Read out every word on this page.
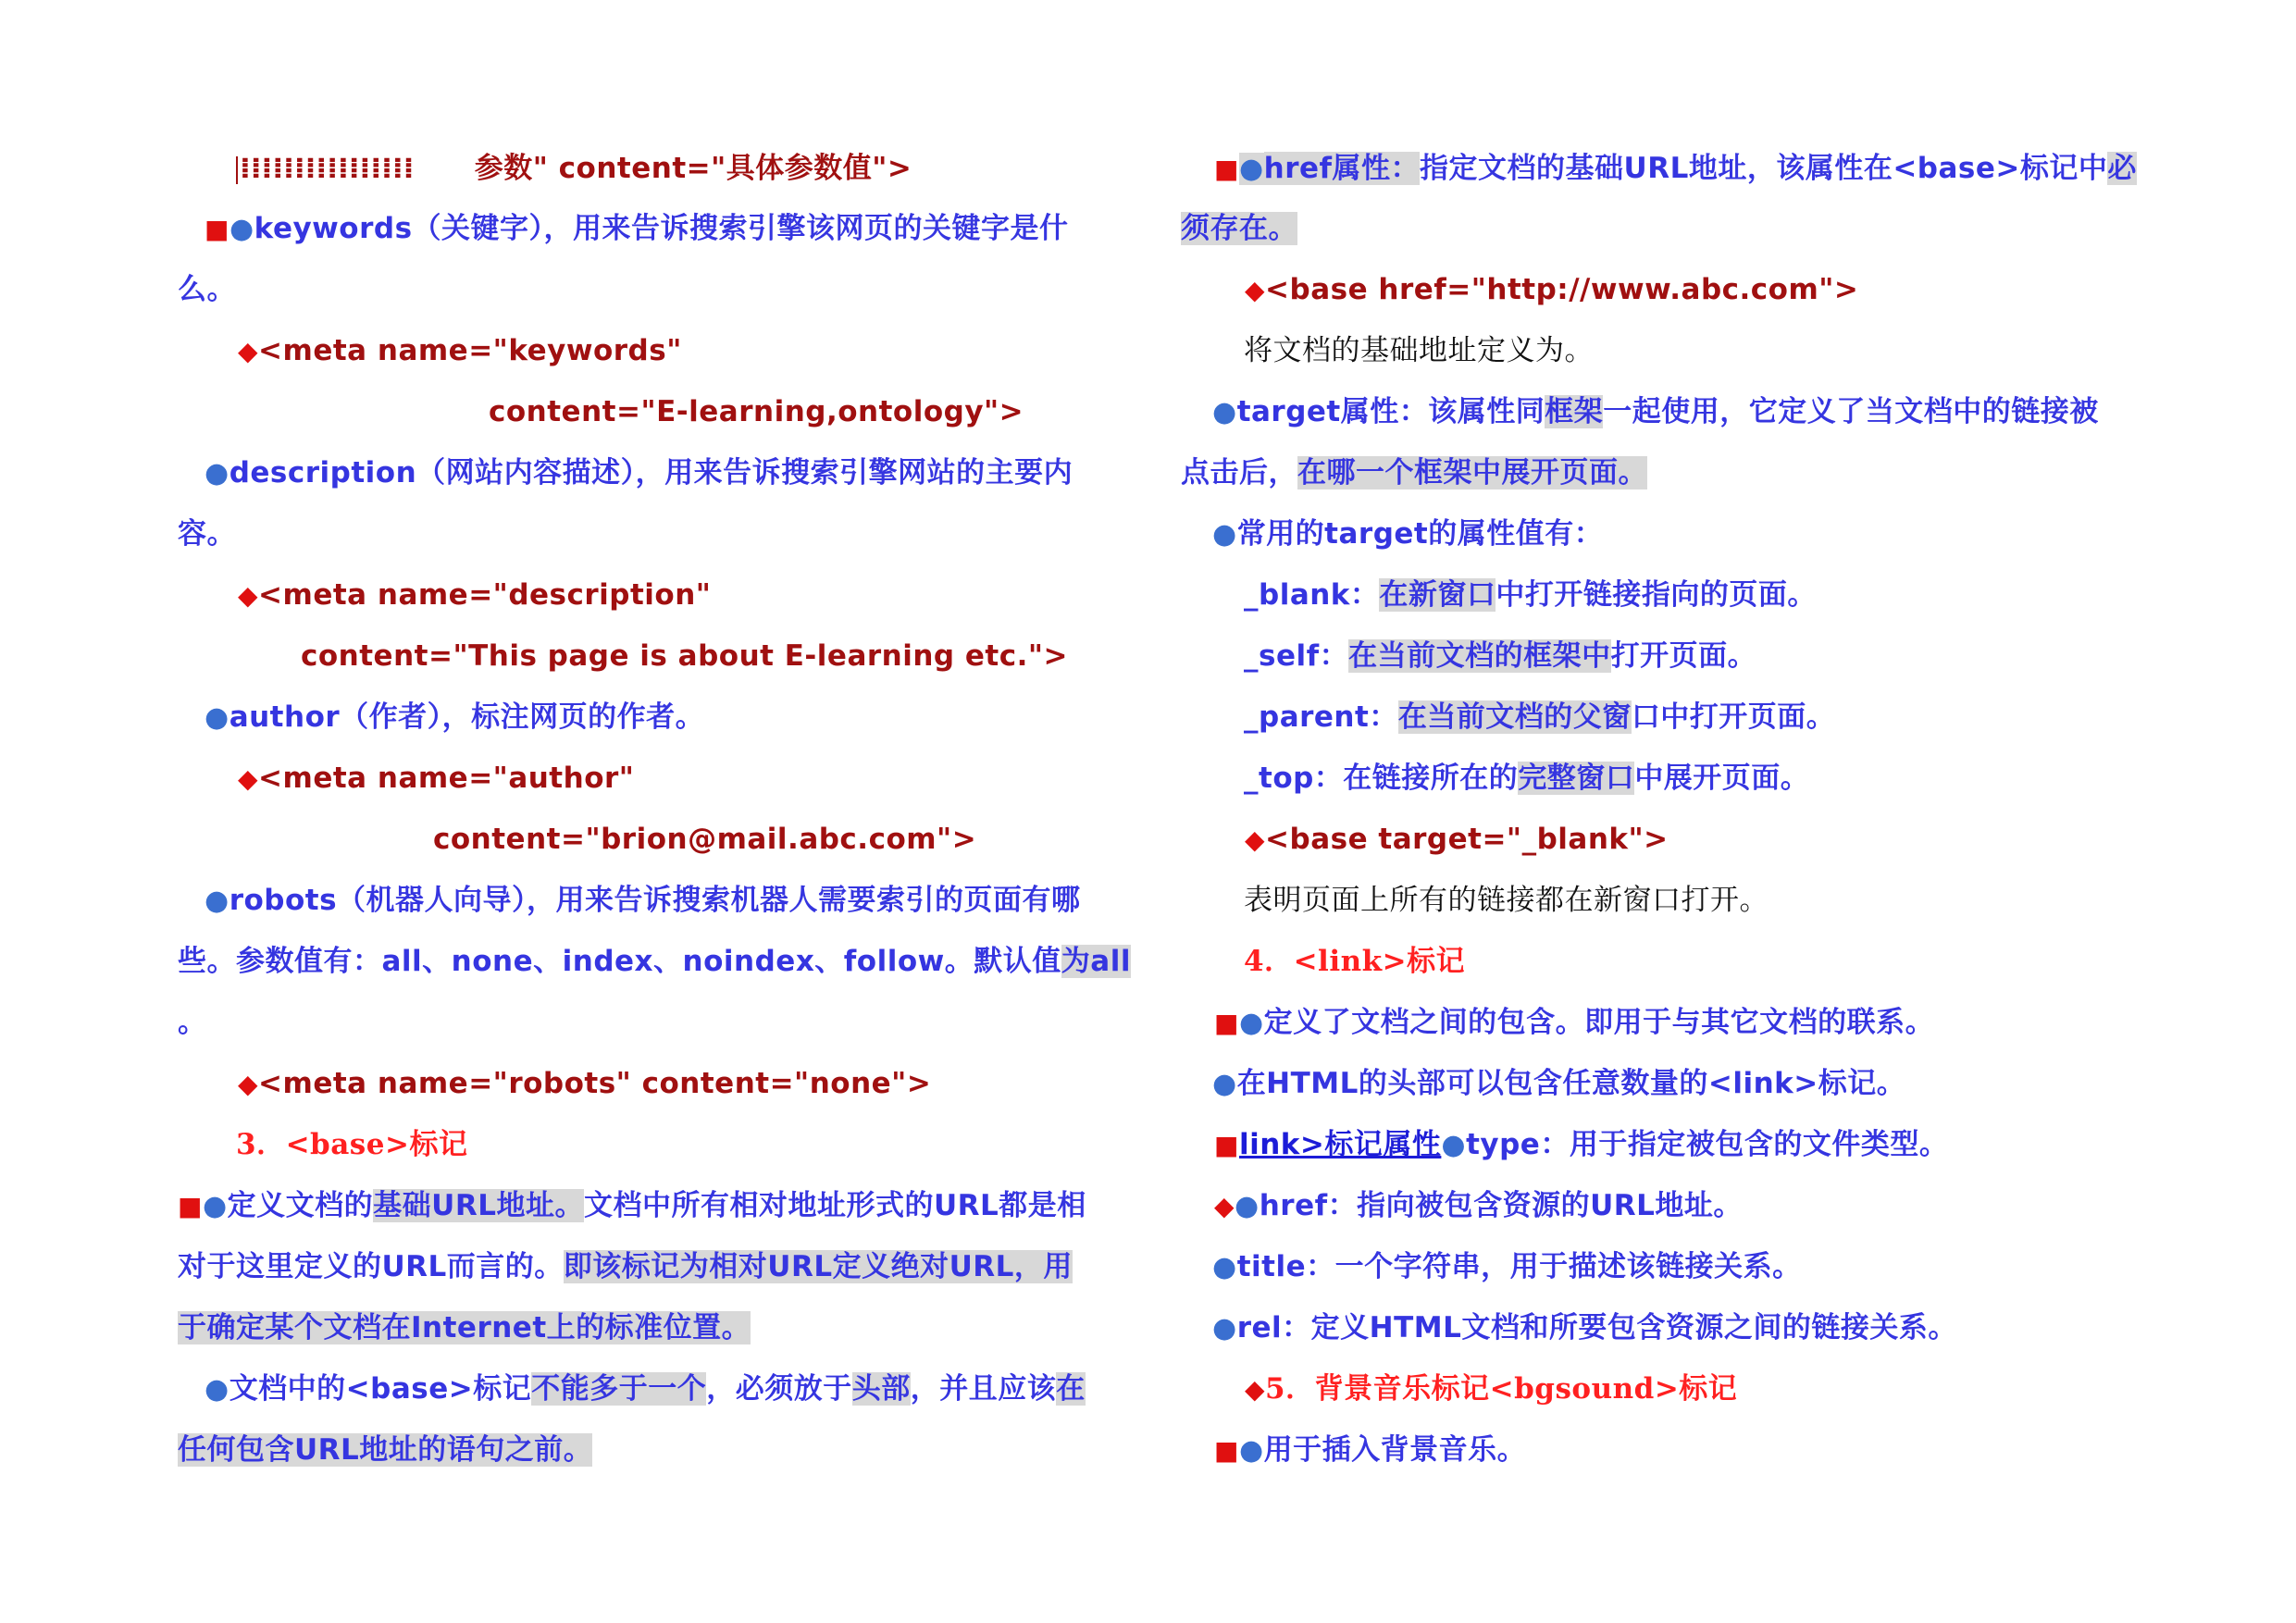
⁞⁞⁞⁞⁞⁞⁞⁞⁞⁞⁞⁞⁞⁞⁞⁞ 参数" content="具体参数值">
■●keywords（关键字），用来告诉搜索引擎该网页的关键字是什
么。
◆<meta name="keywords"
content="E-learning,ontology">
●description（网站内容描述），用来告诉搜索引擎网站的主要内
容。
◆<meta name="description"
content="This page is about E-learning etc.">
●author（作者），标注网页的作者。
◆<meta name="author"
content="brion@mail.abc.com">
●robots（机器人向导），用来告诉搜索机器人需要索引的页面有哪
些。参数值有：all、none、index、noindex、follow。默认值为all
。
◆<meta name="robots" content="none">
3．<base>标记
■●定义文档的基础URL地址。文档中所有相对地址形式的URL都是相
对于这里定义的URL而言的。即该标记为相对URL定义绝对URL，用
于确定某个文档在Internet上的标准位置。
●文档中的<base>标记不能多于一个，必须放于头部，并且应该在
任何包含URL地址的语句之前。
■●href属性：指定文档的基础URL地址，该属性在<base>标记中必
须存在。
◆<base href="http://www.abc.com">
将文档的基础地址定义为。
●target属性：该属性同框架一起使用，它定义了当文档中的链接被
点击后，在哪一个框架中展开页面。
●常用的target的属性值有：
_blank：在新窗口中打开链接指向的页面。
_self：在当前文档的框架中打开页面。
_parent：在当前文档的父窗口中打开页面。
_top：在链接所在的完整窗口中展开页面。
◆<base target="_blank">
表明页面上所有的链接都在新窗口打开。
4．<link>标记
■●定义了文档之间的包含。即用于与其它文档的联系。
●在HTML的头部可以包含任意数量的<link>标记。
■link>标记属性●type：用于指定被包含的文件类型。
◆●href：指向被包含资源的URL地址。
●title：一个字符串，用于描述该链接关系。
●rel：定义HTML文档和所要包含资源之间的链接关系。
◆5．背景音乐标记<bgsound>标记
■●用于插入背景音乐。
